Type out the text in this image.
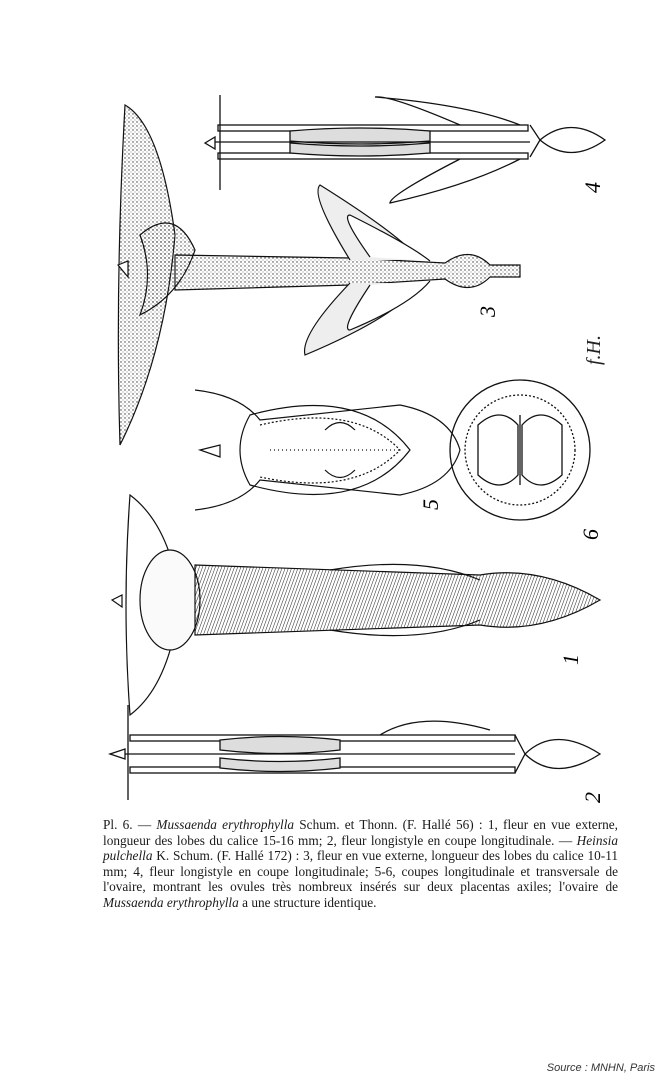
4
3
5
6
1
2
f.H.
Pl. 6. — Mussaenda erythrophylla Schum. et Thonn. (F. Hallé 56) : 1, fleur en vue externe, longueur des lobes du calice 15-16 mm; 2, fleur longistyle en coupe longitudinale. — Heinsia pulchella K. Schum. (F. Hallé 172) : 3, fleur en vue externe, longueur des lobes du calice 10-11 mm; 4, fleur longistyle en coupe longitudinale; 5-6, coupes longitudinale et transversale de l'ovaire, montrant les ovules très nombreux insérés sur deux placentas axiles; l'ovaire de Mussaenda erythrophylla a une structure identique.
Source : MNHN, Paris
